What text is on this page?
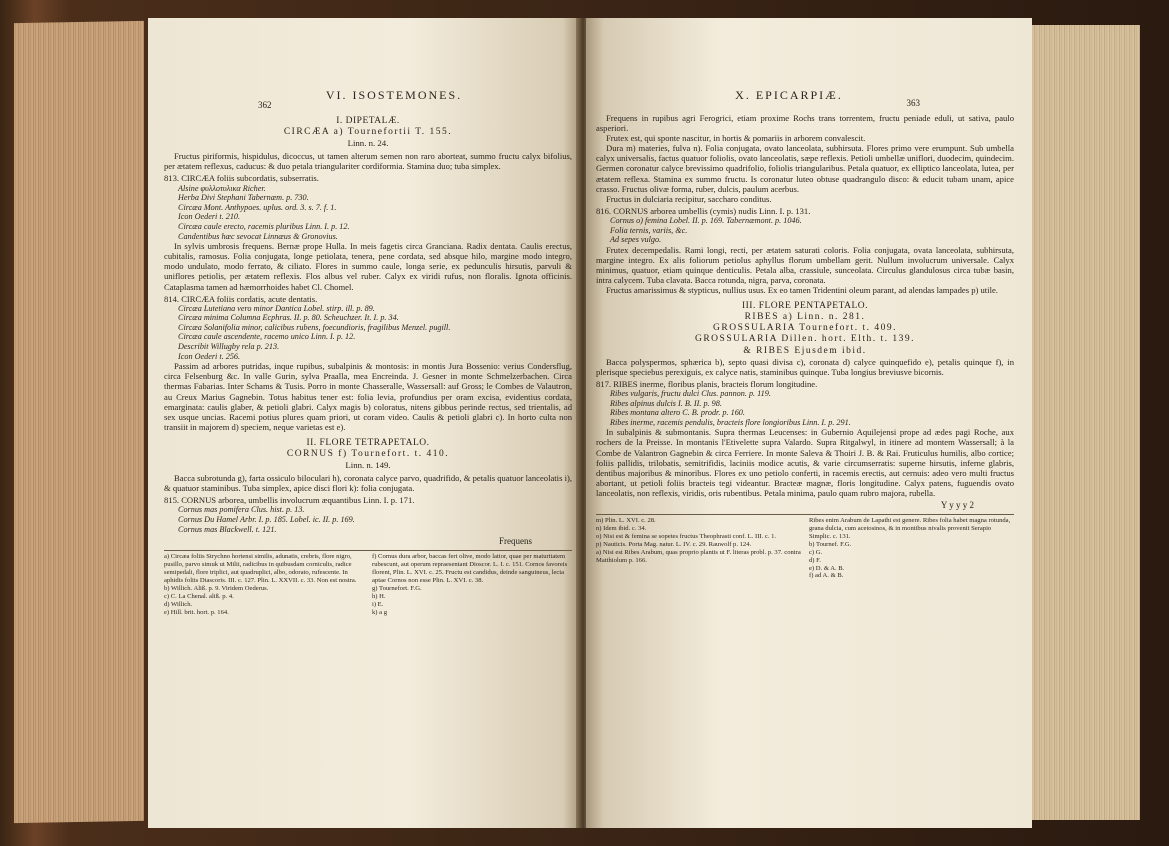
362
VI. ISOSTEMONES.
I. DIPETALÆ.
CIRCÆA a) Tournefortii T. 155.
Linn. n. 24.

Fructus piriformis, hispidulus, dicoccus, ut tamen alterum semen non raro aborteat, summo fructu calyx bifolius, per ætatem reflexus, caducus: & duo petala triangulariter cordiformia. Stamina duo; tuba simplex.

813. CIRCÆA foliis subcordatis, subserratis.

Alsine φυλλοτυλικα Richer.
Herba Divi Stephani Tabernæm. p. 730.
Circæa Mont. Anthypoes. uplus. ord. 3. s. 7. f. 1.
Icon Oederi t. 210.
Circæa caule erecto, racemis pluribus Linn. I. p. 12.
Candentibus hæc sevocat Linnæus & Gronovius.

In sylvis umbrosis frequens. Bernæ prope Hulla. In meis fagetis circa Granciana. Radix dentata. Caulis erectus, cubitalis, ramosus. Folia conjugata, longe petiolata, tenera, pene cordata, sed absque hilo, margine modo integro, modo undulato, modo ferrato, & ciliato. Flores in summo caule, longa serie, ex pedunculis hirsutis, parvuli & uniflores petiolis, per ætatem reflexis. Flos albus vel ruber. Calyx ex viridi rufus, non floralis. Ignota officinis. Cataplasma tamen ad hæmorrhoides habet Cl. Chomel.

814. CIRCÆA foliis cordatis, acute dentatis.

Circæa Lutetiana vero minor Dantica Lobel. stirp. ill. p. 89.
Circæa minima Columna Ecphras. II. p. 80. Scheuchzer. It. I. p. 34.
Circæa Solanifolia minor, calicibus rubens, foecundioris, fragilibus Menzel. pugill.
Circæa caule ascendente, racemo unico Linn. I. p. 12.
Describit Willugby rela p. 213.
Icon Oederi t. 256.

Passim ad arbores putridas, inque rupibus, subalpinis & montosis: in montis Jura Bossenio: verius Condersflug, circa Felsenburg &c. In valle Gurin, sylva Praalla, mea Encreinda. J. Gesner in monte Schmelzerbachen. Circa thermas Fabarias. Inter Schams & Tusis. Porro in monte Chasseralle, Wassersall: auf Gross; le Combes de Valautron, au Creux Marius Gagnebin. Totus habitus tener est: folia levia, profundius per oram excisa, evidentius cordata, emarginata: caulis glaber, & petioli glabri. Calyx magis b) coloratus, nitens gibbus perinde rectus, sed trientalis, ad sex usque uncias. Racemi potius plures quam priori, ut coram video. Caulis & petioli glabri c). In horto culta non transiit in majorem d) speciem, neque varietas est e).

II. FLORE TETRAPETALO.
CORNUS f) Tournefort. t. 410.
Linn. n. 149.

Bacca subrotunda g), farta ossiculo biloculari h), coronata calyce parvo, quadrifido, & petalis quatuor lanceolatis i), & quatuor staminibus. Tuba simplex, apice disci flori k): folia conjugata.

815. CORNUS arborea, umbellis involucrum æquantibus Linn. I. p. 171.

Cornus mas pomifera Clus. hist. p. 13.
Cornus Du Hamel Arbr. I. p. 185. Lobel. ic. II. p. 169.
Cornus mas Blackwell. t. 121.
Frequens
a) Circæa foliis Strychno hortensi similis, adunatis, crebris, flore nigro, pusillo, parvo simuk ut Milii, radicibus in quibusdam corniculis, radice semipedali, flore triplici, aut quadruplici, albo, odorato, rufescente. In aphidis foliis Diascoris. III. c. 127. Plin. L. XXVII. c. 33. Non est nostra.
b) Willich. Aliß. p. 9. Viridem Oederus.
c) C. La Chenal. aliß. p. 4.
d) Willich.
e) Hill. brit. hort. p. 164.
f) Cornus dura arbor, baccas fert olive, modo latior, quae per maturitatem rubescunt, aut operum repraesentant Dioscor. L. I. c. 151. Cornos favoreis florent, Plin. L. XVI. c. 25. Fructu est candidus, deinde sanguineus, lecta aptae Cornos non esse Plin. L. XVI. c. 38.
g) Tournefort. F.G.
h) H.
i) E.
k) a g
363
X. EPICARPIÆ.

Frequens in rupibus agri Ferogrici, etiam proxime Rochs trans torrentem, fructu peniade eduli, ut sativa, paulo asperiori.

Frutex est, qui sponte nascitur, in hortis & pomariis in arborem convalescit.

Dura m) materies, fulva n). Folia conjugata, ovato lanceolata, subhirsuta. Flores primo vere erumpunt. Sub umbella calyx universalis, factus quatuor foliolis, ovato lanceolatis, sæpe reflexis. Petioli umbellæ uniflori, duodecim, quindecim. Germen coronatur calyce brevissimo quadrifolio, foliolis triangularibus. Petala quatuor, ex elliptico lanceolata, lutea, per ætatem reflexa. Stamina ex summo fructu. Is coronatur luteo obtuse quadrangulo disco: & educit tubam unam, apice crasso. Fructus olivæ forma, ruber, dulcis, paulum acerbus.

Fructus in dulciaria recipitur, saccharo conditus.

816. CORNUS arborea umbellis (cymis) nudis Linn. I. p. 131.

Cornus o) femina Lobel. II. p. 169. Tabernæmont. p. 1046.
Folia ternis, variis, &c.
Ad sepes vulgo.

Frutex decempedalis. Rami longi, recti, per ætatem saturati coloris. Folia conjugata, ovata lanceolata, subhirsuta, margine integro. Ex alis foliorum petiolus aphyllus florum umbellam gerit. Nullum involucrum universale. Calyx minimus, quatuor, etiam quinque denticulis. Petala alba, crassiule, sunceolata. Circulus glandulosus circa tubæ basin, intra calycem. Tuba clavata. Bacca rotunda, nigra, parva, coronata.

Fructus amarissimus & stypticus, nullius usus. Ex eo tamen Tridentini oleum parant, ad alendas lampades p) utile.

III. FLORE PENTAPETALO.
RIBES a) Linn. n. 281.
GROSSULARIA Tournefort. t. 409.
GROSSULARIA Dillen. hort. Elth. t. 139.
& RIBES Ejusdem ibid.

Bacca polyspermos, sphærica b), septo quasi divisa c), coronata d) calyce quinquefido e), petalis quinque f), in plerisque speciebus perexiguis, ex calyce natis, staminibus quinque. Tuba longius breviusve bicornis.

817. RIBES inerme, floribus planis, bracteis florum longitudine.

Ribes vulgaris, fructu dulci Clus. pannon. p. 119.
Ribes alpinus dulcis I. B. II. p. 98.
Ribes montana altero C. B. prodr. p. 160.
Ribes inerme, racemis pendulis, bracteis flore longioribus Linn. I. p. 291.

In subalpinis & submontanis. Supra thermas Leucenses: in Gubernio Aquilejensi prope ad ædes pagi Roche, aux rochers de la Preisse. In montanis l'Etivelette supra Valardo. Supra Ritgalwyl, in itinere ad montem Wassersall; à la Combe de Valantron Gagnebin & circa Ferriere. In monte Saleva & Thoiri J. B. & Rai. Fruticulus humilis, albo cortice; foliis pallidis, trilobatis, semitrifidis, laciniis modice acutis, & varie circumserratis: superne hirsutis, inferne glabris, dentibus majoribus & minoribus. Flores ex uno petiolo conferti, in racemis erectis, aut cernuis: adeo vero multi fructus abortant, ut petioli foliis bracteis tegi videantur. Bracteæ magnæ, floris longitudine. Calyx patens, fuguendis ovato lanceolatis, non reflexis, viridis, oris rubentibus. Petala minima, paulo quam rubro majora, rubella.

Y y y y 2
m) Plin. L. XVI. c. 28.
n) Idem ibid. c. 34.
o) Nisi est & femina se sopetes fructus Theophrasti conf. L. III. c. 1.
p) Nauticis. Porta Mag. natur. L. IV. c. 29. Rauwolf p. 124.
a) Nisi est Ribes Arabum, quas proprio plantis ut F. literas probl. p. 37. contra Matthiolum p. 166.
Ribes enim Arabum de Lapathi est genere. Ribes folia habet magna rotunda, grana dulcia, cum acetosinos, & in montibus nivalis provenit Serapio Simplic. c. 131.
b) Tournef. F.G.
c) G.
d) F.
e) D. & A. B.
f) ad A. & B.
